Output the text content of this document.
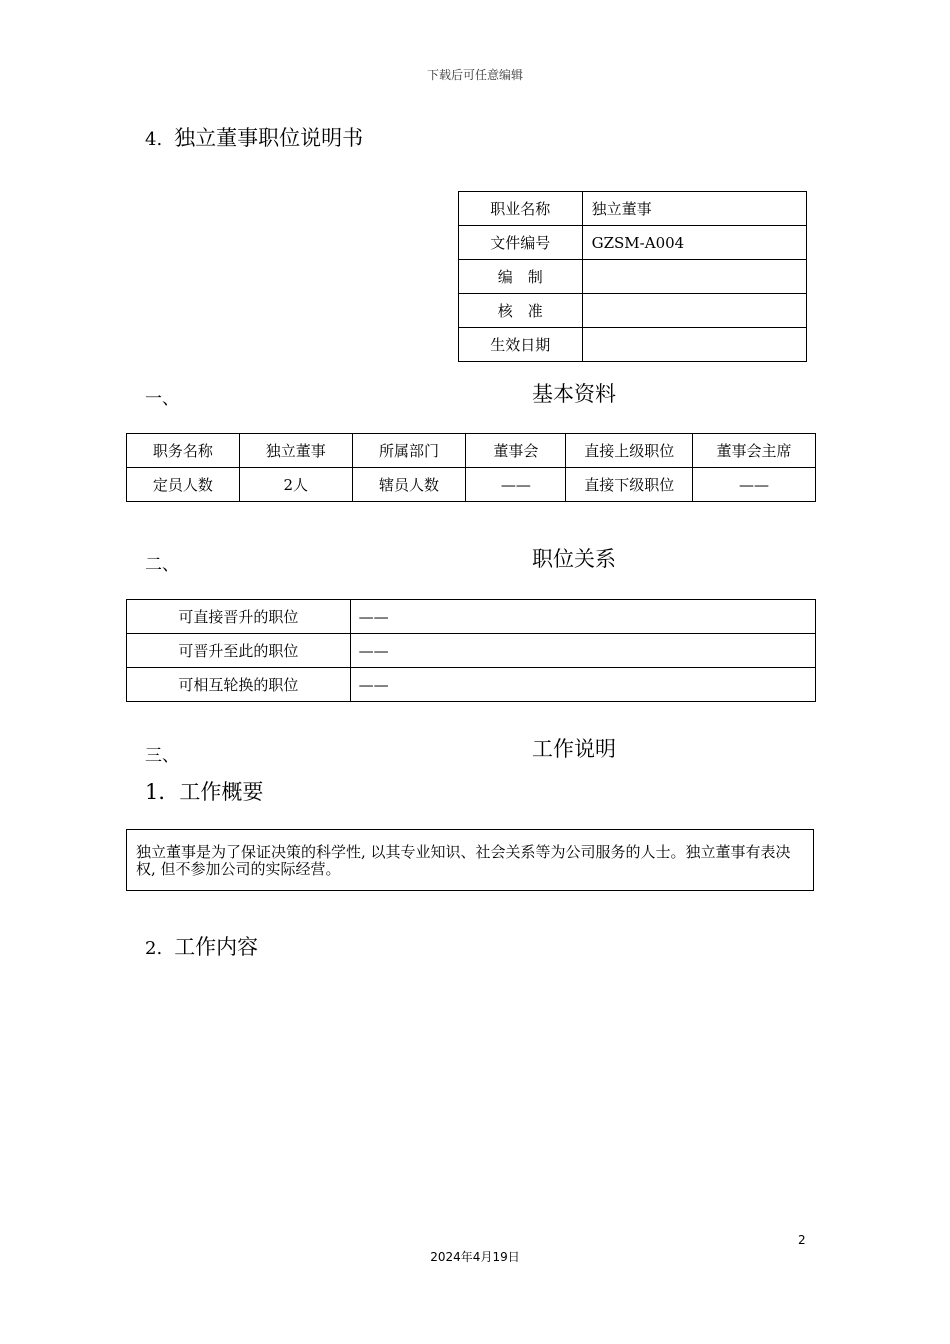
下载后可任意编辑
4. 独立董事职位说明书
职业名称	独立董事
文件编号	GZSM-A004
编　制	
核　准	
生效日期	
一、	基本资料
职务名称	独立董事	所属部门	董事会	直接上级职位	董事会主席
定员人数	2人	辖员人数	——	直接下级职位	——
二、	职位关系
可直接晋升的职位	——
可晋升至此的职位	——
可相互轮换的职位	——
三、	工作说明
1．工作概要
独立董事是为了保证决策的科学性, 以其专业知识、社会关系等为公司服务的人士。独立董事有表决权, 但不参加公司的实际经营。
2. 工作内容
2
2024年4月19日
